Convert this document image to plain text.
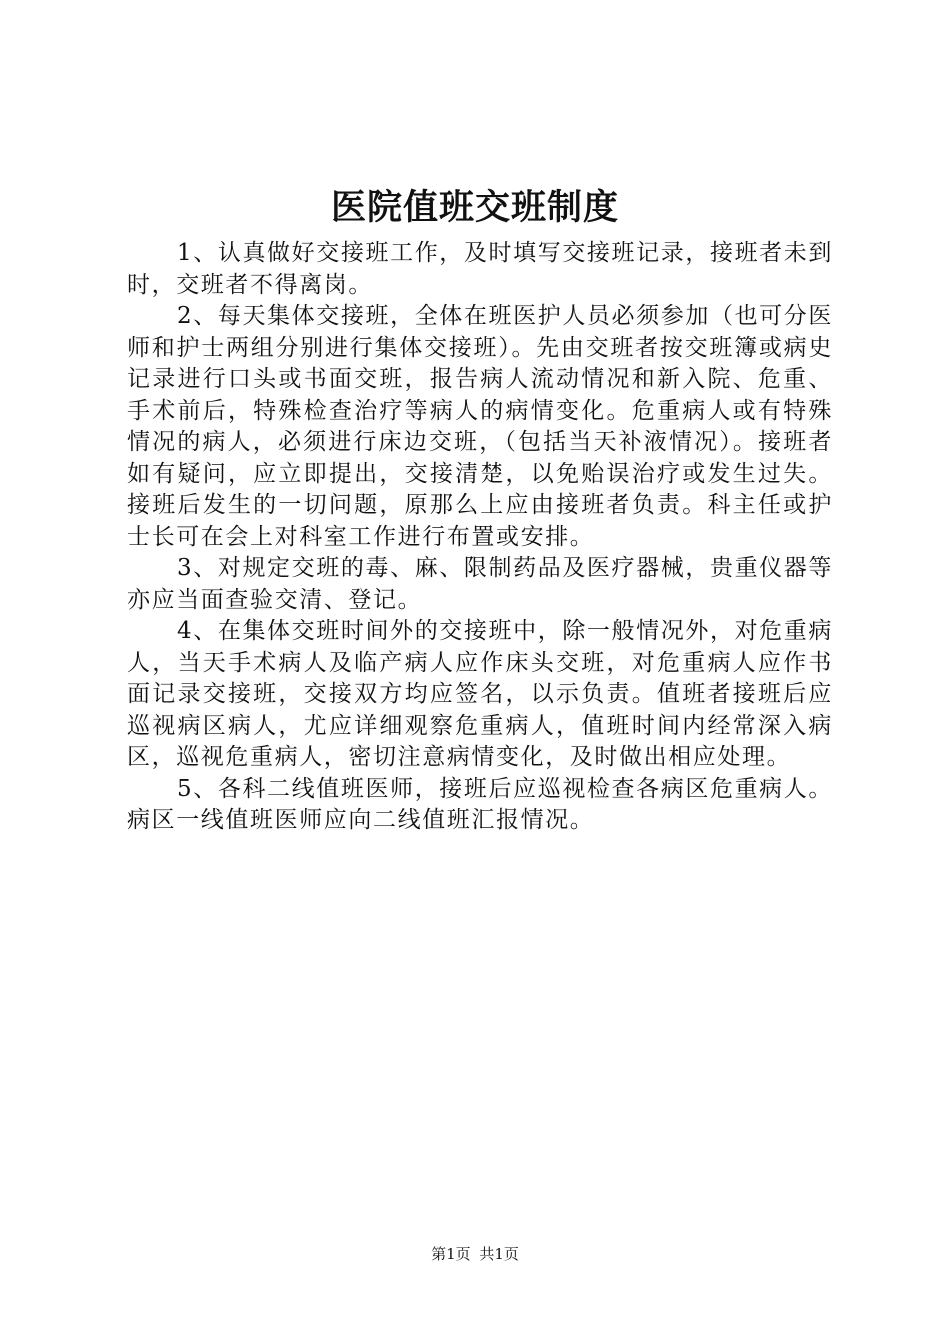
医院值班交班制度

1、认真做好交接班工作，及时填写交接班记录，接班者未到时，交班者不得离岗。

2、每天集体交接班，全体在班医护人员必须参加（也可分医师和护士两组分别进行集体交接班）。先由交班者按交班簿或病史记录进行口头或书面交班，报告病人流动情况和新入院、危重、手术前后，特殊检查治疗等病人的病情变化。危重病人或有特殊情况的病人，必须进行床边交班，（包括当天补液情况）。接班者如有疑问，应立即提出，交接清楚，以免贻误治疗或发生过失。接班后发生的一切问题，原那么上应由接班者负责。科主任或护士长可在会上对科室工作进行布置或安排。

3、对规定交班的毒、麻、限制药品及医疗器械，贵重仪器等亦应当面查验交清、登记。

4、在集体交班时间外的交接班中，除一般情况外，对危重病人，当天手术病人及临产病人应作床头交班，对危重病人应作书面记录交接班，交接双方均应签名，以示负责。值班者接班后应巡视病区病人，尤应详细观察危重病人，值班时间内经常深入病区，巡视危重病人，密切注意病情变化，及时做出相应处理。

5、各科二线值班医师，接班后应巡视检查各病区危重病人。病区一线值班医师应向二线值班汇报情况。

第1页 共1页
